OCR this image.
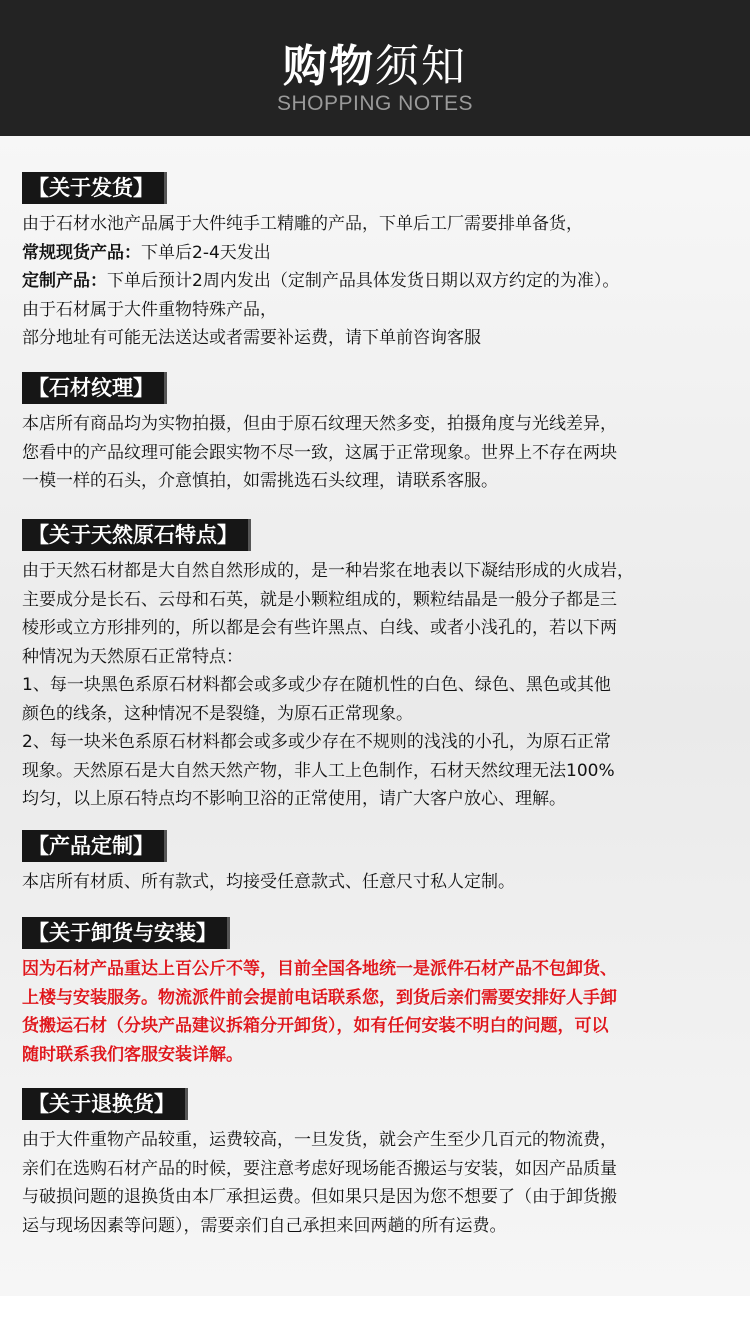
购物须知
SHOPPING NOTES
【关于发货】

由于石材水池产品属于大件纯手工精雕的产品，下单后工厂需要排单备货，

常规现货产品：下单后2-4天发出

定制产品：下单后预计2周内发出（定制产品具体发货日期以双方约定的为准）。

由于石材属于大件重物特殊产品，

部分地址有可能无法送达或者需要补运费，请下单前咨询客服

【石材纹理】

本店所有商品均为实物拍摄，但由于原石纹理天然多变，拍摄角度与光线差异，

您看中的产品纹理可能会跟实物不尽一致，这属于正常现象。世界上不存在两块

一模一样的石头，介意慎拍，如需挑选石头纹理，请联系客服。

【关于天然原石特点】

由于天然石材都是大自然自然形成的，是一种岩浆在地表以下凝结形成的火成岩，

主要成分是长石、云母和石英，就是小颗粒组成的，颗粒结晶是一般分子都是三

棱形或立方形排列的，所以都是会有些许黑点、白线、或者小浅孔的，若以下两

种情况为天然原石正常特点：

1、每一块黑色系原石材料都会或多或少存在随机性的白色、绿色、黑色或其他

颜色的线条，这种情况不是裂缝，为原石正常现象。

2、每一块米色系原石材料都会或多或少存在不规则的浅浅的小孔，为原石正常

现象。天然原石是大自然天然产物，非人工上色制作，石材天然纹理无法100%

均匀，以上原石特点均不影响卫浴的正常使用，请广大客户放心、理解。

【产品定制】

本店所有材质、所有款式，均接受任意款式、任意尺寸私人定制。

【关于卸货与安装】

因为石材产品重达上百公斤不等，目前全国各地统一是派件石材产品不包卸货、

上楼与安装服务。物流派件前会提前电话联系您，到货后亲们需要安排好人手卸

货搬运石材（分块产品建议拆箱分开卸货），如有任何安装不明白的问题，可以

随时联系我们客服安装详解。

【关于退换货】

由于大件重物产品较重，运费较高，一旦发货，就会产生至少几百元的物流费，

亲们在选购石材产品的时候，要注意考虑好现场能否搬运与安装，如因产品质量

与破损问题的退换货由本厂承担运费。但如果只是因为您不想要了（由于卸货搬

运与现场因素等问题），需要亲们自己承担来回两趟的所有运费。
